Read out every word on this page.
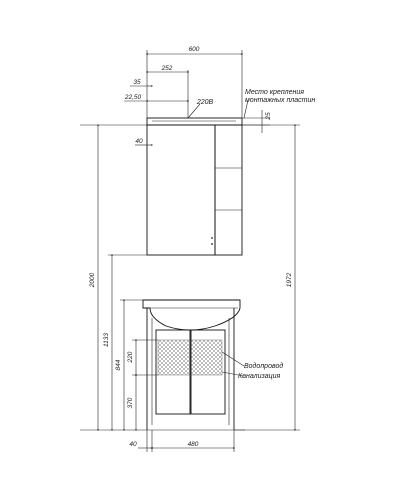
600
252
35
22,50
220В
Место крепления
монтажных пластин
25
40
2000	1972
1133
844
220
370
Водопровод
Канализация
40	480
